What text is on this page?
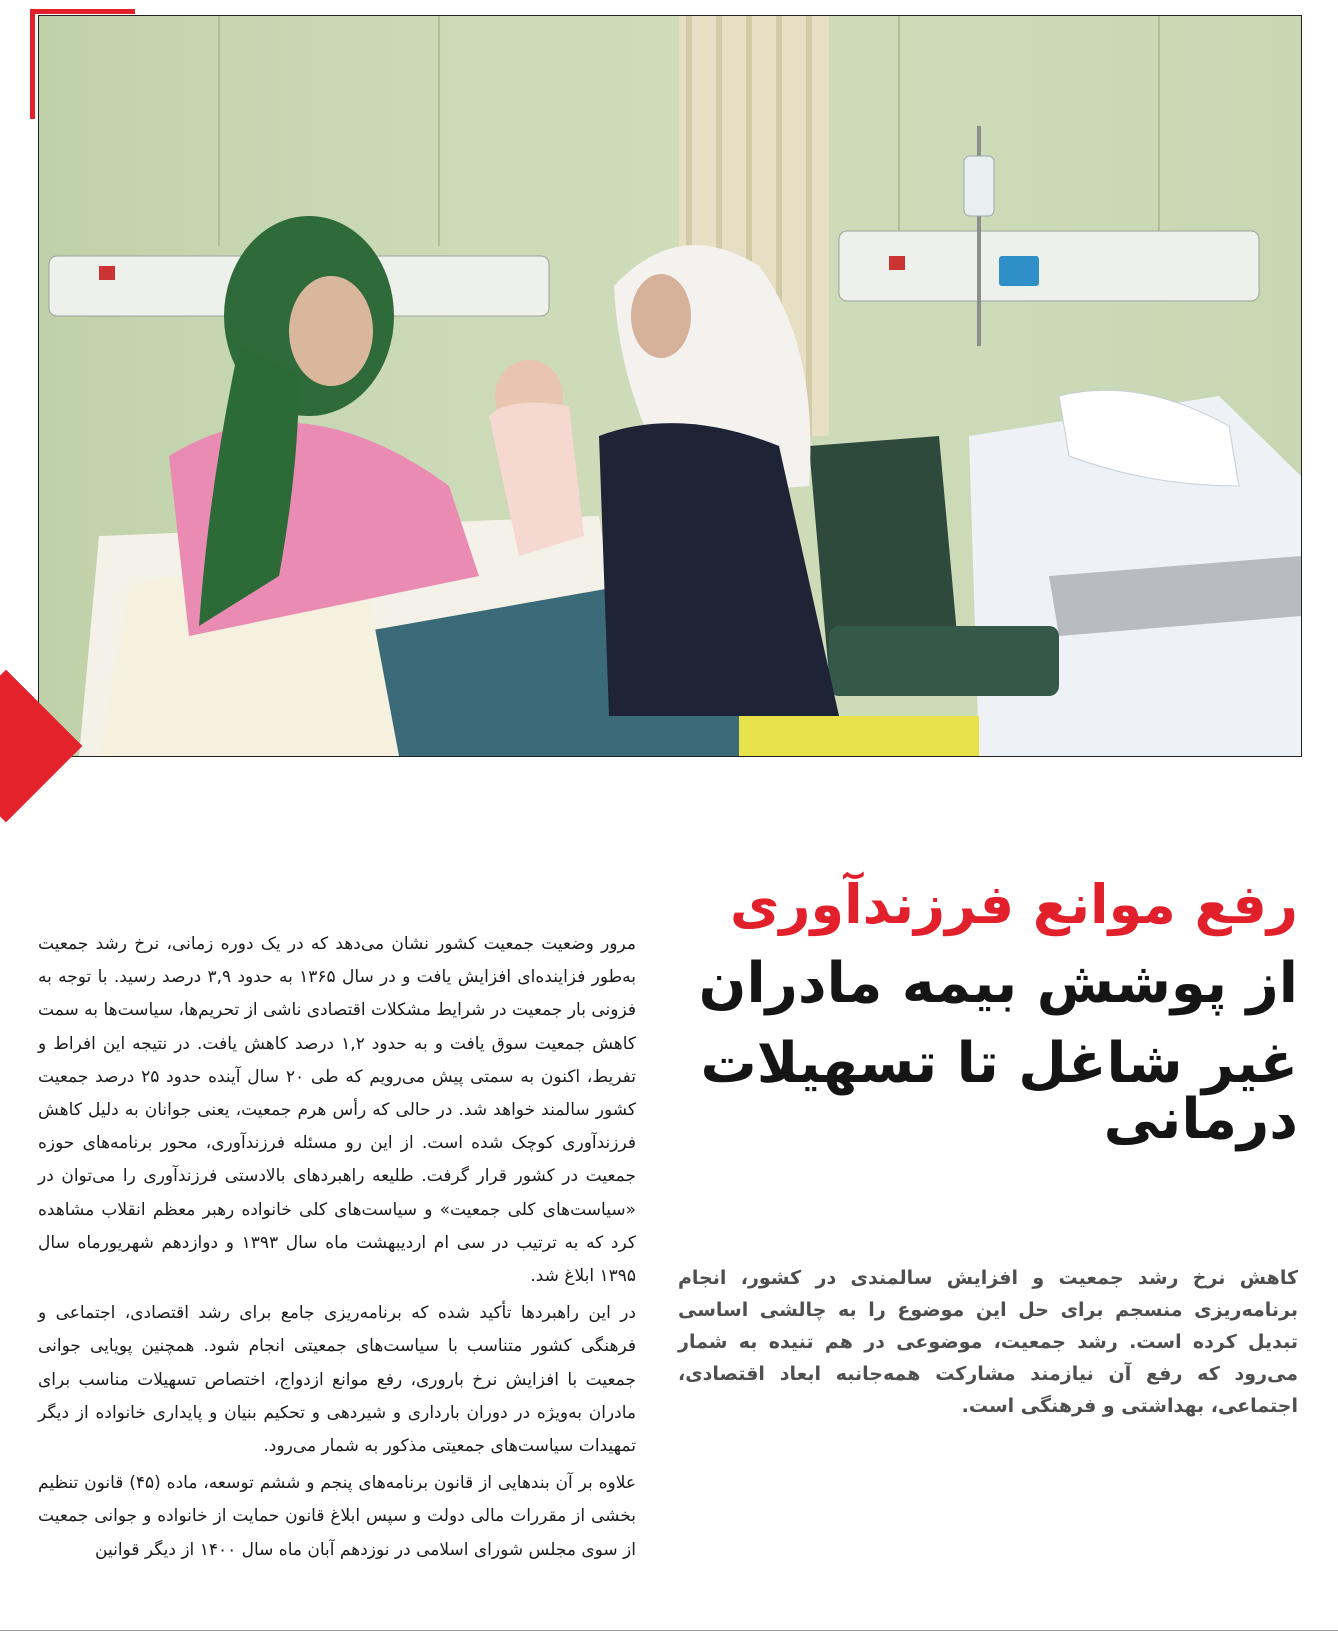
رفع موانع فرزندآوری
از پوشش بیمه مادران
غیر شاغل تا تسهیلات درمانی
کاهش نرخ رشد جمعیت و افزایش سالمندی در کشور، انجام برنامه‌ریزی منسجم برای حل این موضوع را به چالشی اساسی تبدیل کرده است. رشد جمعیت، موضوعی در هم تنیده به شمار می‌رود که رفع آن نیازمند مشارکت همه‌جانبه ابعاد اقتصادی، اجتماعی، بهداشتی و فرهنگی است.

مرور وضعیت جمعیت کشور نشان می‌دهد که در یک دوره زمانی، نرخ رشد جمعیت به‌طور فزاینده‌ای افزایش یافت و در سال ۱۳۶۵ به حدود ۳,۹ درصد رسید. با توجه به فزونی بار جمعیت در شرایط مشکلات اقتصادی ناشی از تحریم‌ها، سیاست‌ها به سمت کاهش جمعیت سوق یافت و به حدود ۱,۲ درصد کاهش یافت. در نتیجه این افراط و تفریط، اکنون به سمتی پیش می‌رویم که طی ۲۰ سال آینده حدود ۲۵ درصد جمعیت کشور سالمند خواهد شد. در حالی که رأس هرم جمعیت، یعنی جوانان به دلیل کاهش فرزندآوری کوچک شده است. از این رو مسئله فرزندآوری، محور برنامه‌های حوزه جمعیت در کشور قرار گرفت. طلیعه راهبردهای بالادستی فرزندآوری را می‌توان در «سیاست‌های کلی جمعیت» و سیاست‌های کلی خانواده رهبر معظم انقلاب مشاهده کرد که به ترتیب در سی ام اردیبهشت ماه سال ۱۳۹۳ و دوازدهم شهریورماه سال ۱۳۹۵ ابلاغ شد.

در این راهبردها تأکید شده که برنامه‌ریزی جامع برای رشد اقتصادی، اجتماعی و فرهنگی کشور متناسب با سیاست‌های جمعیتی انجام شود. همچنین پویایی جوانی جمعیت با افزایش نرخ باروری، رفع موانع ازدواج، اختصاص تسهیلات مناسب برای مادران به‌ویژه در دوران بارداری و شیردهی و تحکیم بنیان و پایداری خانواده از دیگر تمهیدات سیاست‌های جمعیتی مذکور به شمار می‌رود.

علاوه بر آن بندهایی از قانون برنامه‌های پنجم و ششم توسعه، ماده (۴۵) قانون تنظیم بخشی از مقررات مالی دولت و سپس ابلاغ قانون حمایت از خانواده و جوانی جمعیت از سوی مجلس شورای اسلامی در نوزدهم آبان ماه سال ۱۴۰۰ از دیگر قوانین
